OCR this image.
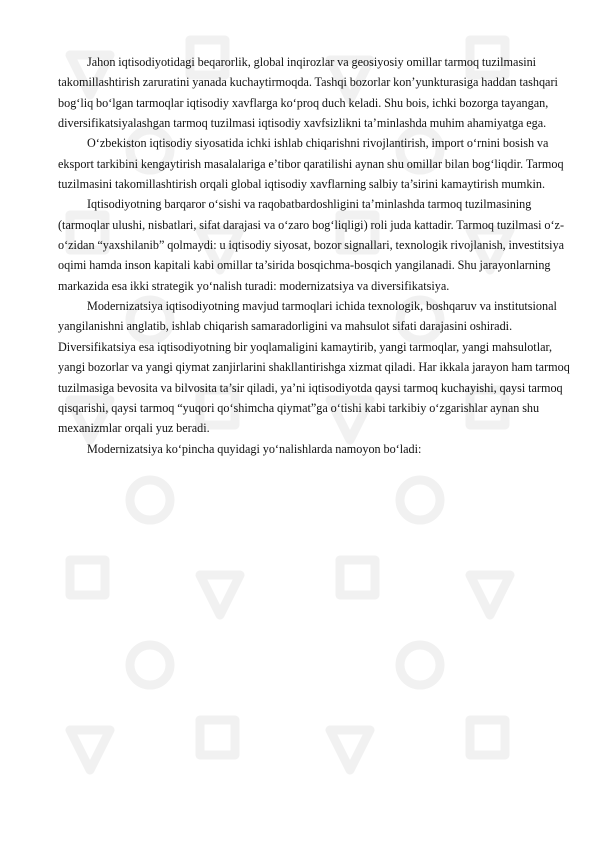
Jahon iqtisodiyotidagi beqarorlik, global inqirozlar va geosiyosiy omillar tarmoq tuzilmasini takomillashtirish zaruratini yanada kuchaytirmoqda. Tashqi bozorlar kon’yunkturasiga haddan tashqari bog‘liq bo‘lgan tarmoqlar iqtisodiy xavflarga ko‘proq duch keladi. Shu bois, ichki bozorga tayangan, diversifikatsiyalashgan tarmoq tuzilmasi iqtisodiy xavfsizlikni ta’minlashda muhim ahamiyatga ega.

O‘zbekiston iqtisodiy siyosatida ichki ishlab chiqarishni rivojlantirish, import o‘rnini bosish va eksport tarkibini kengaytirish masalalariga e’tibor qaratilishi aynan shu omillar bilan bog‘liqdir. Tarmoq tuzilmasini takomillashtirish orqali global iqtisodiy xavflarning salbiy ta’sirini kamaytirish mumkin.

Iqtisodiyotning barqaror o‘sishi va raqobatbardoshligini ta’minlashda tarmoq tuzilmasining (tarmoqlar ulushi, nisbatlari, sifat darajasi va o‘zaro bog‘liqligi) roli juda kattadir. Tarmoq tuzilmasi o‘z-o‘zidan “yaxshilanib” qolmaydi: u iqtisodiy siyosat, bozor signallari, texnologik rivojlanish, investitsiya oqimi hamda inson kapitali kabi omillar ta’sirida bosqichma-bosqich yangilanadi. Shu jarayonlarning markazida esa ikki strategik yo‘nalish turadi: modernizatsiya va diversifikatsiya.

Modernizatsiya iqtisodiyotning mavjud tarmoqlari ichida texnologik, boshqaruv va institutsional yangilanishni anglatib, ishlab chiqarish samaradorligini va mahsulot sifati darajasini oshiradi. Diversifikatsiya esa iqtisodiyotning bir yoqlamaligini kamaytirib, yangi tarmoqlar, yangi mahsulotlar, yangi bozorlar va yangi qiymat zanjirlarini shakllantirishga xizmat qiladi. Har ikkala jarayon ham tarmoq tuzilmasiga bevosita va bilvosita ta’sir qiladi, ya’ni iqtisodiyotda qaysi tarmoq kuchayishi, qaysi tarmoq qisqarishi, qaysi tarmoq “yuqori qo‘shimcha qiymat”ga o‘tishi kabi tarkibiy o‘zgarishlar aynan shu mexanizmlar orqali yuz beradi.

Modernizatsiya ko‘pincha quyidagi yo‘nalishlarda namoyon bo‘ladi:
